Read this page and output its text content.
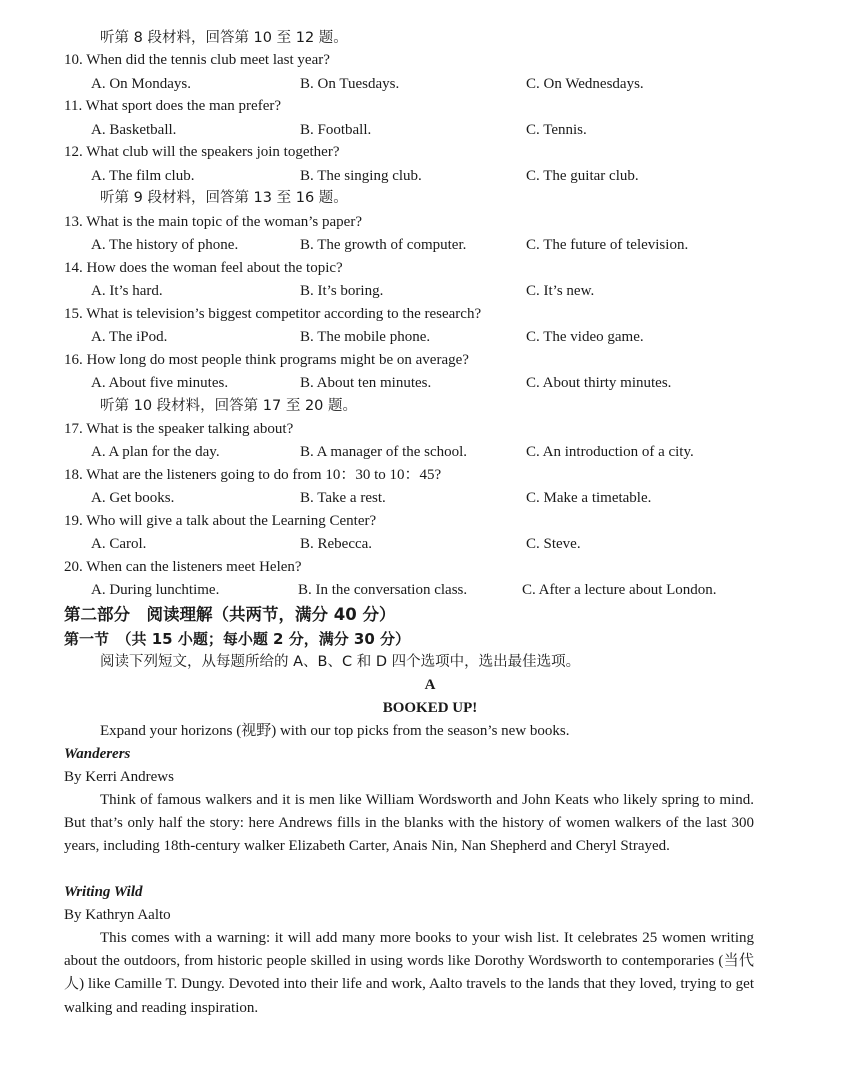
听第 8 段材料，回答第 10 至 12 题。
10. When did the tennis club meet last year?
A. On Mondays.	B. On Tuesdays.	C. On Wednesdays.
11. What sport does the man prefer?
A. Basketball.	B. Football.	C. Tennis.
12. What club will the speakers join together?
A. The film club.	B. The singing club.	C. The guitar club.
听第 9 段材料，回答第 13 至 16 题。
13. What is the main topic of the woman’s paper?
A. The history of phone.	B. The growth of computer.	C. The future of television.
14. How does the woman feel about the topic?
A. It’s hard.	B. It’s boring.	C. It’s new.
15. What is television’s biggest competitor according to the research?
A. The iPod.	B. The mobile phone.	C. The video game.
16. How long do most people think programs might be on average?
A. About five minutes.	B. About ten minutes.	C. About thirty minutes.
听第 10 段材料，回答第 17 至 20 题。
17. What is the speaker talking about?
A. A plan for the day.	B. A manager of the school.	C. An introduction of a city.
18. What are the listeners going to do from 10：30 to 10：45?
A. Get books.	B. Take a rest.	C. Make a timetable.
19. Who will give a talk about the Learning Center?
A. Carol.	B. Rebecca.	C. Steve.
20. When can the listeners meet Helen?
A. During lunchtime.	B. In the conversation class.	C. After a lecture about London.
第二部分　阅读理解（共两节，满分 40 分）
第一节　（共 15 小题；每小题 2 分，满分 30 分）
阅读下列短文，从每题所给的 A、B、C 和 D 四个选项中，选出最佳选项。
A
BOOKED UP!
Expand your horizons (视野) with our top picks from the season’s new books.
Wanderers
By Kerri Andrews
Think of famous walkers and it is men like William Wordsworth and John Keats who likely spring to mind. But that’s only half the story: here Andrews fills in the blanks with the history of women walkers of the last 300 years, including 18th-century walker Elizabeth Carter, Anais Nin, Nan Shepherd and Cheryl Strayed.
Writing Wild
By Kathryn Aalto
This comes with a warning: it will add many more books to your wish list. It celebrates 25 women writing about the outdoors, from historic people skilled in using words like Dorothy Wordsworth to contemporaries (当代人) like Camille T. Dungy. Devoted into their life and work, Aalto travels to the lands that they loved, trying to get walking and reading inspiration.
